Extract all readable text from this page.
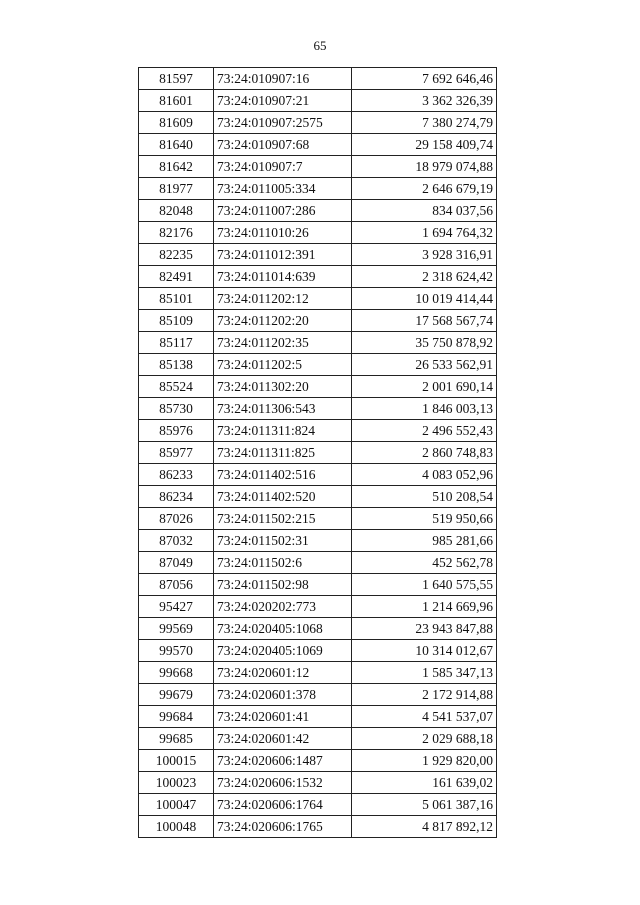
65
81597	73:24:010907:16	7 692 646,46
81601	73:24:010907:21	3 362 326,39
81609	73:24:010907:2575	7 380 274,79
81640	73:24:010907:68	29 158 409,74
81642	73:24:010907:7	18 979 074,88
81977	73:24:011005:334	2 646 679,19
82048	73:24:011007:286	834 037,56
82176	73:24:011010:26	1 694 764,32
82235	73:24:011012:391	3 928 316,91
82491	73:24:011014:639	2 318 624,42
85101	73:24:011202:12	10 019 414,44
85109	73:24:011202:20	17 568 567,74
85117	73:24:011202:35	35 750 878,92
85138	73:24:011202:5	26 533 562,91
85524	73:24:011302:20	2 001 690,14
85730	73:24:011306:543	1 846 003,13
85976	73:24:011311:824	2 496 552,43
85977	73:24:011311:825	2 860 748,83
86233	73:24:011402:516	4 083 052,96
86234	73:24:011402:520	510 208,54
87026	73:24:011502:215	519 950,66
87032	73:24:011502:31	985 281,66
87049	73:24:011502:6	452 562,78
87056	73:24:011502:98	1 640 575,55
95427	73:24:020202:773	1 214 669,96
99569	73:24:020405:1068	23 943 847,88
99570	73:24:020405:1069	10 314 012,67
99668	73:24:020601:12	1 585 347,13
99679	73:24:020601:378	2 172 914,88
99684	73:24:020601:41	4 541 537,07
99685	73:24:020601:42	2 029 688,18
100015	73:24:020606:1487	1 929 820,00
100023	73:24:020606:1532	161 639,02
100047	73:24:020606:1764	5 061 387,16
100048	73:24:020606:1765	4 817 892,12
